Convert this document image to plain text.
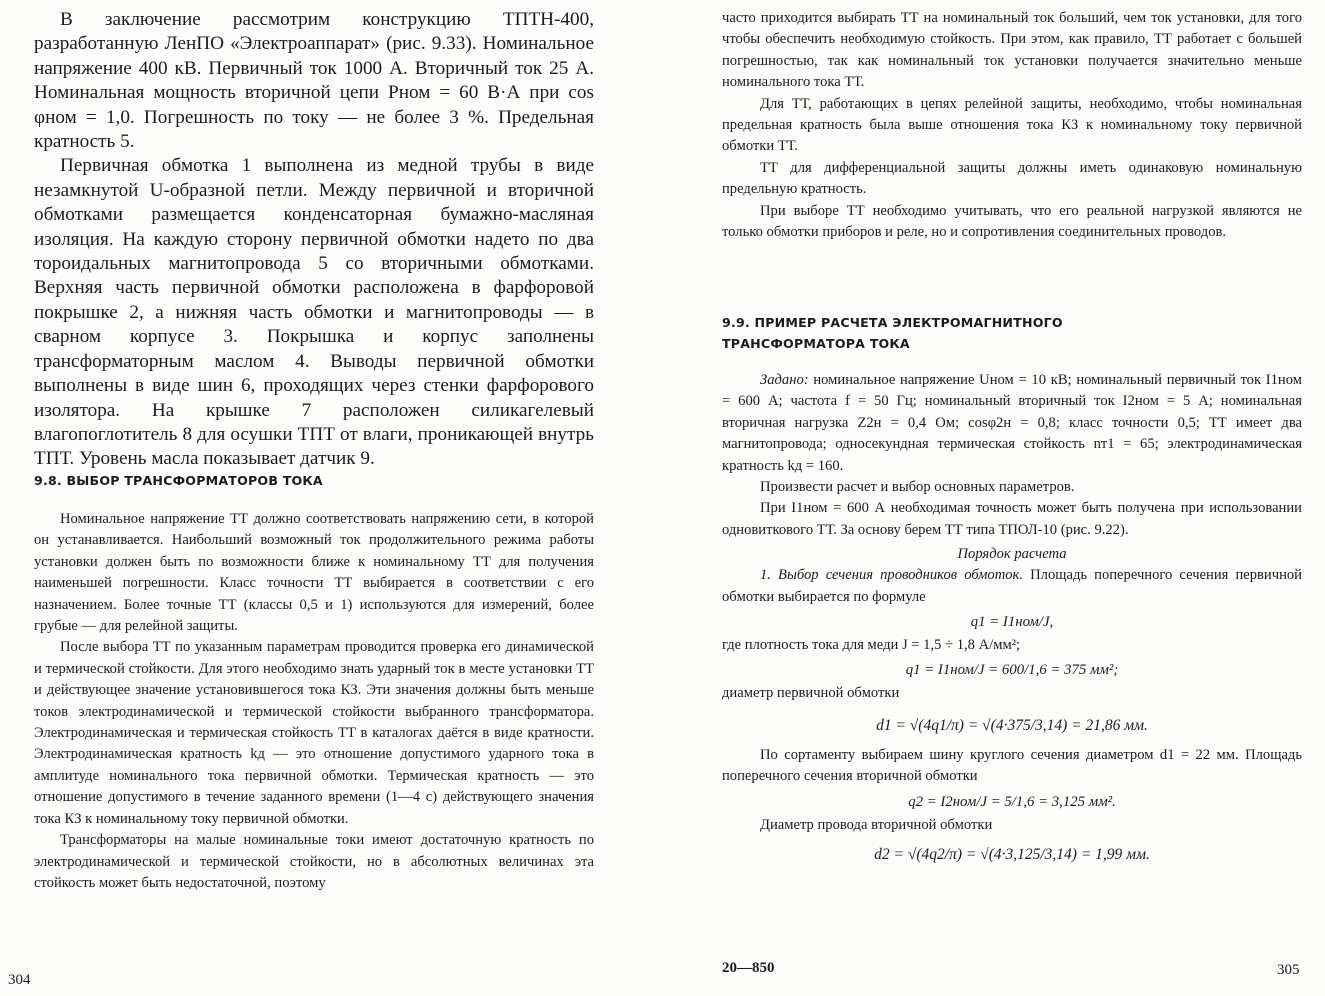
В заключение рассмотрим конструкцию ТПТН-400, разработанную ЛенПО «Электроаппарат» (рис. 9.33). Номинальное напряжение 400 кВ. Первичный ток 1000 А. Вторичный ток 25 А. Номинальная мощность вторичной цепи Pном = 60 В·А при cos φном = 1,0. Погрешность по току — не более 3 %. Предельная кратность 5.

Первичная обмотка 1 выполнена из медной трубы в виде незамкнутой U-образной петли. Между первичной и вторичной обмотками размещается конденсаторная бумажно-масляная изоляция. На каждую сторону первичной обмотки надето по два тороидальных магнитопровода 5 со вторичными обмотками. Верхняя часть первичной обмотки расположена в фарфоровой покрышке 2, а нижняя часть обмотки и магнитопроводы — в сварном корпусе 3. Покрышка и корпус заполнены трансформаторным маслом 4. Выводы первичной обмотки выполнены в виде шин 6, проходящих через стенки фарфорового изолятора. На крышке 7 расположен силикагелевый влагопоглотитель 8 для осушки ТПТ от влаги, проникающей внутрь ТПТ. Уровень масла показывает датчик 9.

9.8. ВЫБОР ТРАНСФОРМАТОРОВ ТОКА

Номинальное напряжение ТТ должно соответствовать напряжению сети, в которой он устанавливается. Наибольший возможный ток продолжительного режима работы установки должен быть по возможности ближе к номинальному ТТ для получения наименьшей погрешности. Класс точности ТТ выбирается в соответствии с его назначением. Более точные ТТ (классы 0,5 и 1) используются для измерений, более грубые — для релейной защиты.

После выбора ТТ по указанным параметрам проводится проверка его динамической и термической стойкости. Для этого необходимо знать ударный ток в месте установки ТТ и действующее значение установившегося тока КЗ. Эти значения должны быть меньше токов электродинамической и термической стойкости выбранного трансформатора. Электродинамическая и термическая стойкость ТТ в каталогах даётся в виде кратности. Электродинамическая кратность kд — это отношение допустимого ударного тока в амплитуде номинального тока первичной обмотки. Термическая кратность — это отношение допустимого в течение заданного времени (1—4 с) действующего значения тока КЗ к номинальному току первичной обмотки.

Трансформаторы на малые номинальные токи имеют достаточную кратность по электродинамической и термической стойкости, но в абсолютных величинах эта стойкость может быть недостаточной, поэтому

304

часто приходится выбирать ТТ на номинальный ток больший, чем ток установки, для того чтобы обеспечить необходимую стойкость. При этом, как правило, ТТ работает с большей погрешностью, так как номинальный ток установки получается значительно меньше номинального тока ТТ.

Для ТТ, работающих в цепях релейной защиты, необходимо, чтобы номинальная предельная кратность была выше отношения тока КЗ к номинальному току первичной обмотки ТТ.

ТТ для дифференциальной защиты должны иметь одинаковую номинальную предельную кратность.

При выборе ТТ необходимо учитывать, что его реальной нагрузкой являются не только обмотки приборов и реле, но и сопротивления соединительных проводов.

9.9. ПРИМЕР РАСЧЕТА ЭЛЕКТРОМАГНИТНОГО
ТРАНСФОРМАТОРА ТОКА

Задано: номинальное напряжение Uном = 10 кВ; номинальный первичный ток I1ном = 600 А; частота f = 50 Гц; номинальный вторичный ток I2ном = 5 А; номинальная вторичная нагрузка Z2н = 0,4 Ом; cosφ2н = 0,8; класс точности 0,5; ТТ имеет два магнитопровода; односекундная термическая стойкость nт1 = 65; электродинамическая кратность kд = 160.

Произвести расчет и выбор основных параметров.

При I1ном = 600 А необходимая точность может быть получена при использовании одновиткового ТТ. За основу берем ТТ типа ТПОЛ-10 (рис. 9.22).

Порядок расчета

1. Выбор сечения проводников обмоток. Площадь поперечного сечения первичной обмотки выбирается по формуле

q1 = I1ном/J,

где плотность тока для меди J = 1,5 ÷ 1,8 А/мм²;

q1 = I1ном/J = 600/1,6 = 375 мм²;

диаметр первичной обмотки

d1 = √(4q1/π) = √(4·375/3,14) = 21,86 мм.

По сортаменту выбираем шину круглого сечения диаметром d1 = 22 мм. Площадь поперечного сечения вторичной обмотки

q2 = I2ном/J = 5/1,6 = 3,125 мм².

Диаметр провода вторичной обмотки

d2 = √(4q2/π) = √(4·3,125/3,14) = 1,99 мм.
20—850	305
